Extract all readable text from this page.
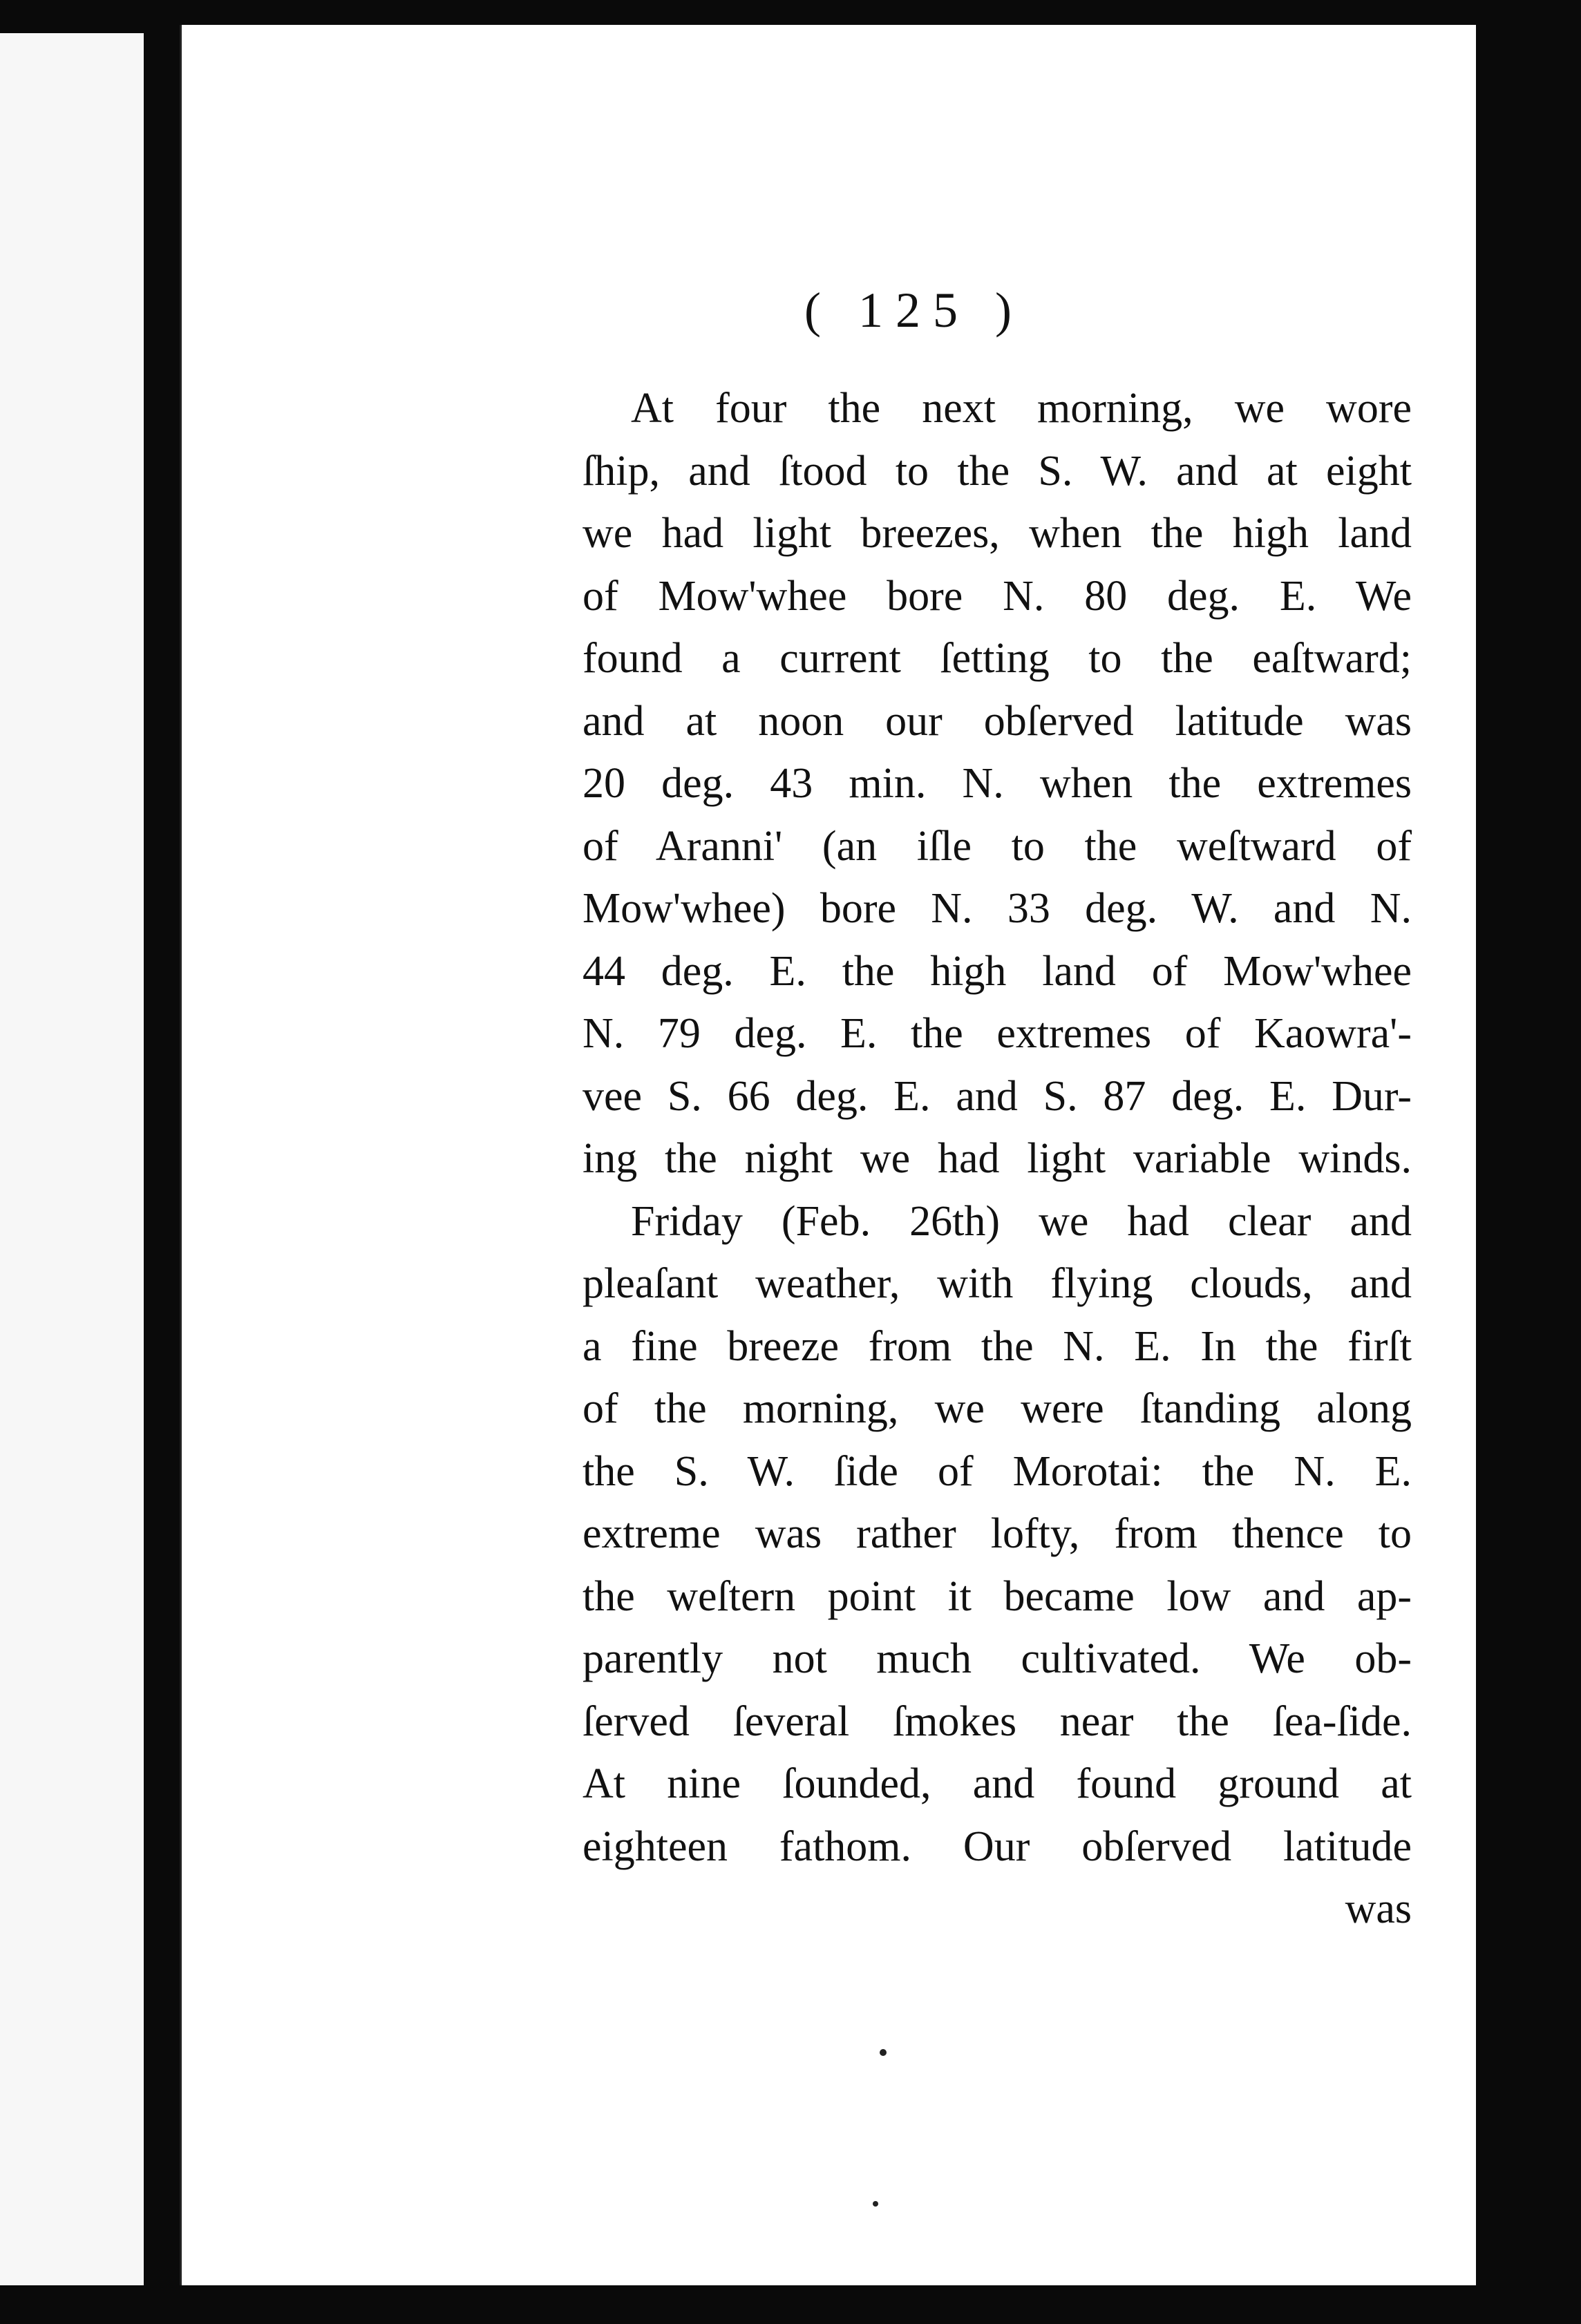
( 125 )
At four the next morning, we wore
ſhip, and ſtood to the S. W. and at eight
we had light breezes, when the high land
of Mow'whee bore N. 80 deg. E. We
found a current ſetting to the eaſtward;
and at noon our obſerved latitude was
20 deg. 43 min. N. when the extremes
of Aranni' (an iſle to the weſtward of
Mow'whee) bore N. 33 deg. W. and N.
44 deg. E. the high land of Mow'whee
N. 79 deg. E. the extremes of Kaowra'-
vee S. 66 deg. E. and S. 87 deg. E. Dur-
ing the night we had light variable winds.
Friday (Feb. 26th) we had clear and
pleaſant weather, with flying clouds, and
a fine breeze from the N. E. In the firſt
of the morning, we were ſtanding along
the S. W. ſide of Morotai: the N. E.
extreme was rather lofty, from thence to
the weſtern point it became low and ap-
parently not much cultivated. We ob-
ſerved ſeveral ſmokes near the ſea-ſide.
At nine ſounded, and found ground at
eighteen fathom. Our obſerved latitude
was
